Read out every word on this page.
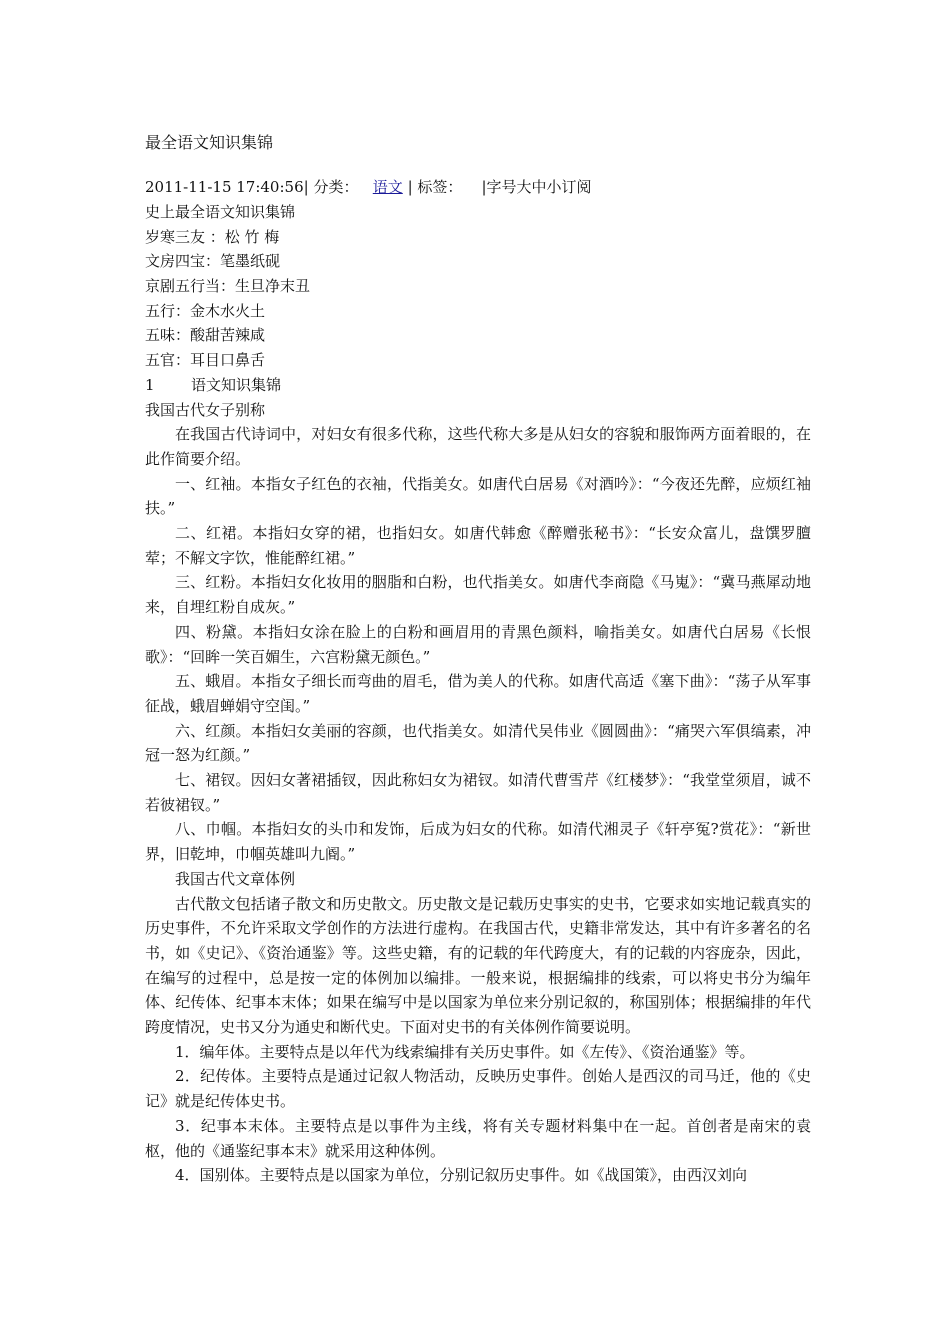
最全语文知识集锦
2011-11-15 17:40:56| 分类： 语文 | 标签： |字号大中小订阅
史上最全语文知识集锦
岁寒三友 ：松 竹 梅
文房四宝：笔墨纸砚
京剧五行当：生旦净末丑
五行：金木水火土
五味：酸甜苦辣咸
五官：耳目口鼻舌
1 语文知识集锦
我国古代女子别称

在我国古代诗词中，对妇女有很多代称，这些代称大多是从妇女的容貌和服饰两方面着眼的，在此作简要介绍。

一、红袖。本指女子红色的衣袖，代指美女。如唐代白居易《对酒吟》：“今夜还先醉，应烦红袖扶。”

二、红裙。本指妇女穿的裙，也指妇女。如唐代韩愈《醉赠张秘书》：“长安众富儿，盘馔罗膻荤；不解文字饮，惟能醉红裙。”

三、红粉。本指妇女化妆用的胭脂和白粉，也代指美女。如唐代李商隐《马嵬》：“冀马燕犀动地来，自埋红粉自成灰。”

四、粉黛。本指妇女涂在脸上的白粉和画眉用的青黑色颜料，喻指美女。如唐代白居易《长恨歌》：“回眸一笑百媚生，六宫粉黛无颜色。”

五、蛾眉。本指女子细长而弯曲的眉毛，借为美人的代称。如唐代高适《塞下曲》：“荡子从军事征战，蛾眉蝉娟守空闺。”

六、红颜。本指妇女美丽的容颜，也代指美女。如清代吴伟业《圆圆曲》：“痛哭六军俱缟素，冲冠一怒为红颜。”

七、裙钗。因妇女著裙插钗，因此称妇女为裙钗。如清代曹雪芹《红楼梦》：“我堂堂须眉，诚不若彼裙钗。”

八、巾帼。本指妇女的头巾和发饰，后成为妇女的代称。如清代湘灵子《轩亭冤?赏花》：“新世界，旧乾坤，巾帼英雄叫九阍。”

我国古代文章体例

古代散文包括诸子散文和历史散文。历史散文是记载历史事实的史书，它要求如实地记载真实的历史事件，不允许采取文学创作的方法进行虚构。在我国古代，史籍非常发达，其中有许多著名的名书，如《史记》、《资治通鉴》等。这些史籍，有的记载的年代跨度大，有的记载的内容庞杂，因此，在编写的过程中，总是按一定的体例加以编排。一般来说，根据编排的线索，可以将史书分为编年体、纪传体、纪事本末体；如果在编写中是以国家为单位来分别记叙的，称国别体；根据编排的年代跨度情况，史书又分为通史和断代史。下面对史书的有关体例作简要说明。

1．编年体。主要特点是以年代为线索编排有关历史事件。如《左传》、《资治通鉴》等。

2．纪传体。主要特点是通过记叙人物活动，反映历史事件。创始人是西汉的司马迁，他的《史记》就是纪传体史书。

3．纪事本末体。主要特点是以事件为主线，将有关专题材料集中在一起。首创者是南宋的袁枢，他的《通鉴纪事本末》就采用这种体例。

4．国别体。主要特点是以国家为单位，分别记叙历史事件。如《战国策》，由西汉刘向
